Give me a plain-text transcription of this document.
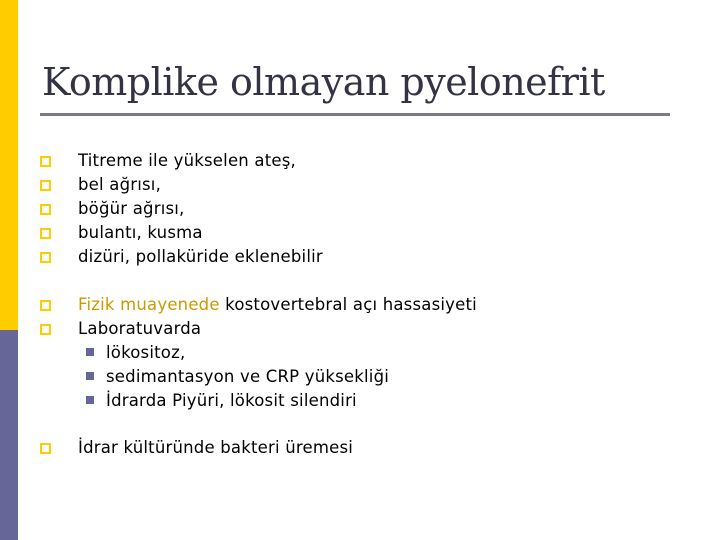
Komplike olmayan pyelonefrit
Titreme ile yükselen ateş,
bel ağrısı,
böğür ağrısı,
bulantı, kusma
dizüri, pollaküride eklenebilir
Fizik muayenede kostovertebral açı hassasiyeti
Laboratuvarda
lökositoz,
sedimantasyon ve CRP yüksekliği
İdrarda Piyüri, lökosit silendiri
İdrar kültüründe bakteri üremesi
